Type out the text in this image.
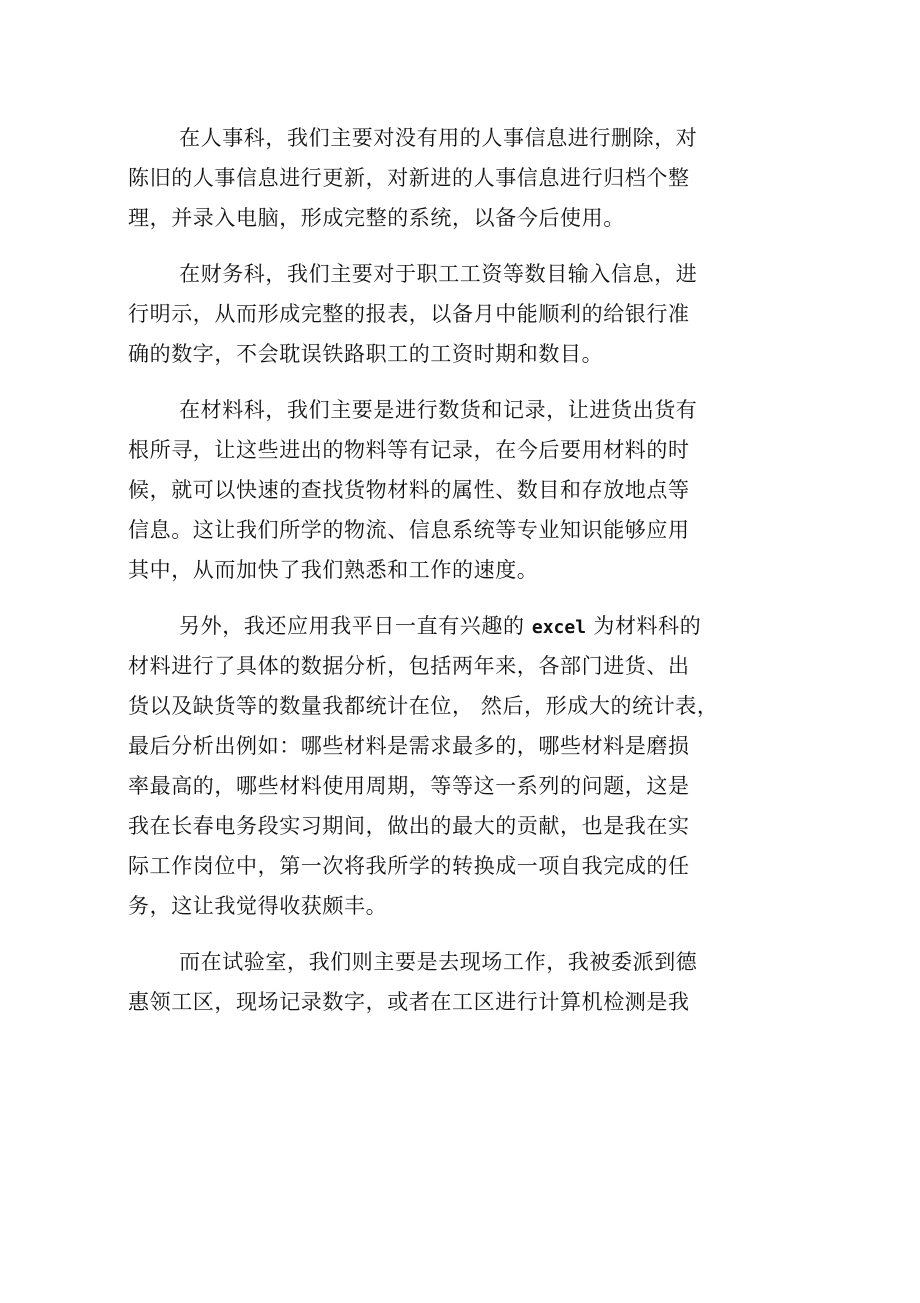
在人事科，我们主要对没有用的人事信息进行删除，对
陈旧的人事信息进行更新，对新进的人事信息进行归档个整
理，并录入电脑，形成完整的系统，以备今后使用。
在财务科，我们主要对于职工工资等数目输入信息，进
行明示，从而形成完整的报表，以备月中能顺利的给银行准
确的数字，不会耽误铁路职工的工资时期和数目。
在材料科，我们主要是进行数货和记录，让进货出货有
根所寻，让这些进出的物料等有记录，在今后要用材料的时
候，就可以快速的查找货物材料的属性、数目和存放地点等
信息。这让我们所学的物流、信息系统等专业知识能够应用
其中，从而加快了我们熟悉和工作的速度。
另外，我还应用我平日一直有兴趣的 excel 为材料科的
材料进行了具体的数据分析，包括两年来，各部门进货、出
货以及缺货等的数量我都统计在位， 然后，形成大的统计表，
最后分析出例如：哪些材料是需求最多的，哪些材料是磨损
率最高的，哪些材料使用周期，等等这一系列的问题，这是
我在长春电务段实习期间，做出的最大的贡献，也是我在实
际工作岗位中，第一次将我所学的转换成一项自我完成的任
务，这让我觉得收获颇丰。
而在试验室，我们则主要是去现场工作，我被委派到德
惠领工区，现场记录数字，或者在工区进行计算机检测是我
